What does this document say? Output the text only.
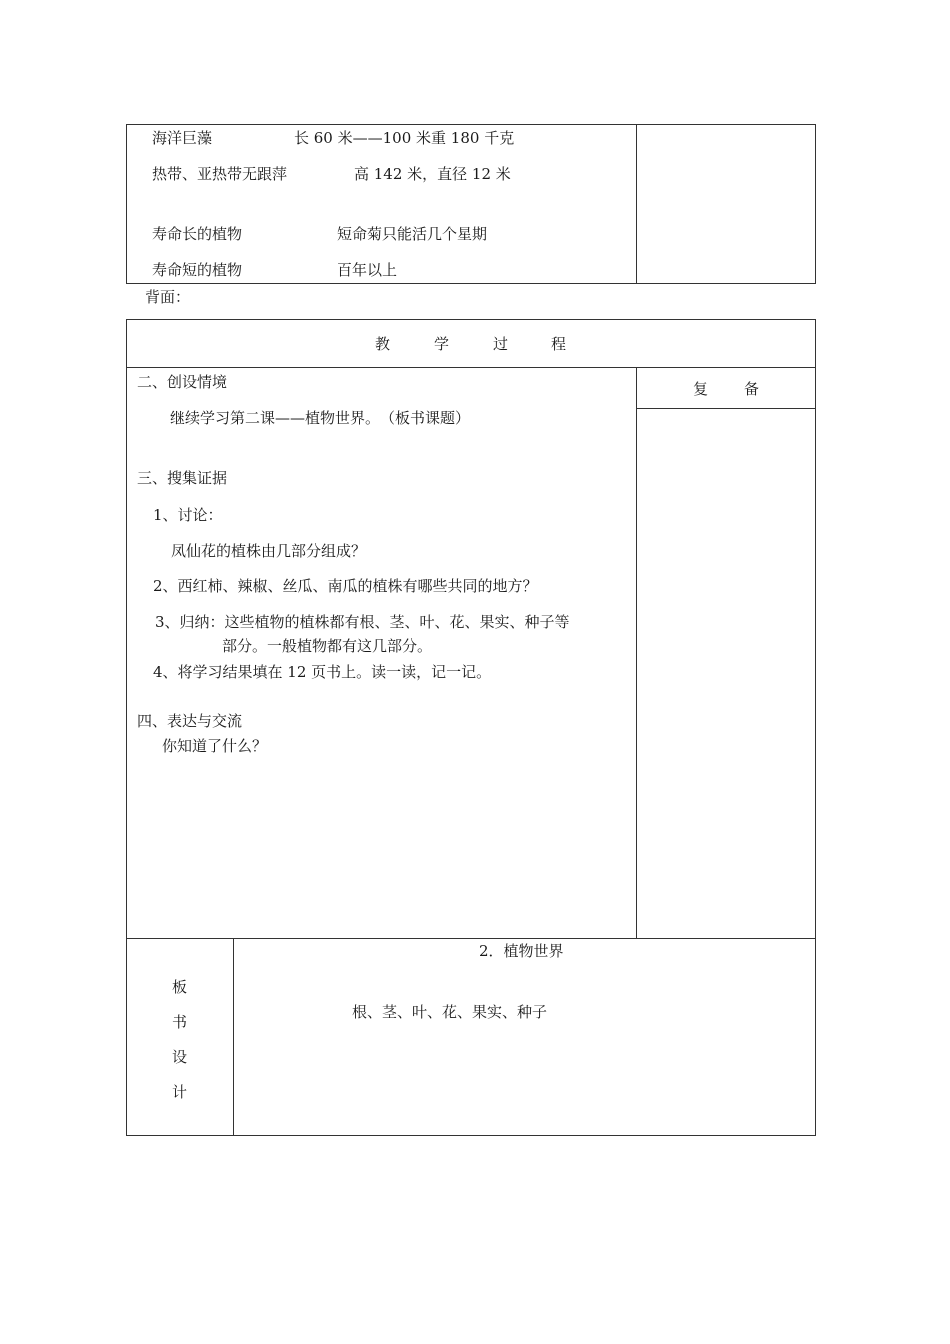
海洋巨藻	长 60 米——100 米重 180 千克
热带、亚热带无跟萍	高 142 米，直径 12 米
寿命长的植物	短命菊只能活几个星期
寿命短的植物	百年以上
背面：
教	学	过	程
复 备
二、创设情境
继续学习第二课——植物世界。　（板书课题）
三、搜集证据
1、讨论：
凤仙花的植株由几部分组成？
2、西红柿、辣椒、丝瓜、南瓜的植株有哪些共同的地方？
3、归纳：这些植物的植株都有根、茎、叶、花、果实、种子等
部分。一般植物都有这几部分。
4、将学习结果填在 12 页书上。读一读，记一记。
四、表达与交流
你知道了什么？
板
书
设
计
2．植物世界
根、茎、叶、花、果实、种子
